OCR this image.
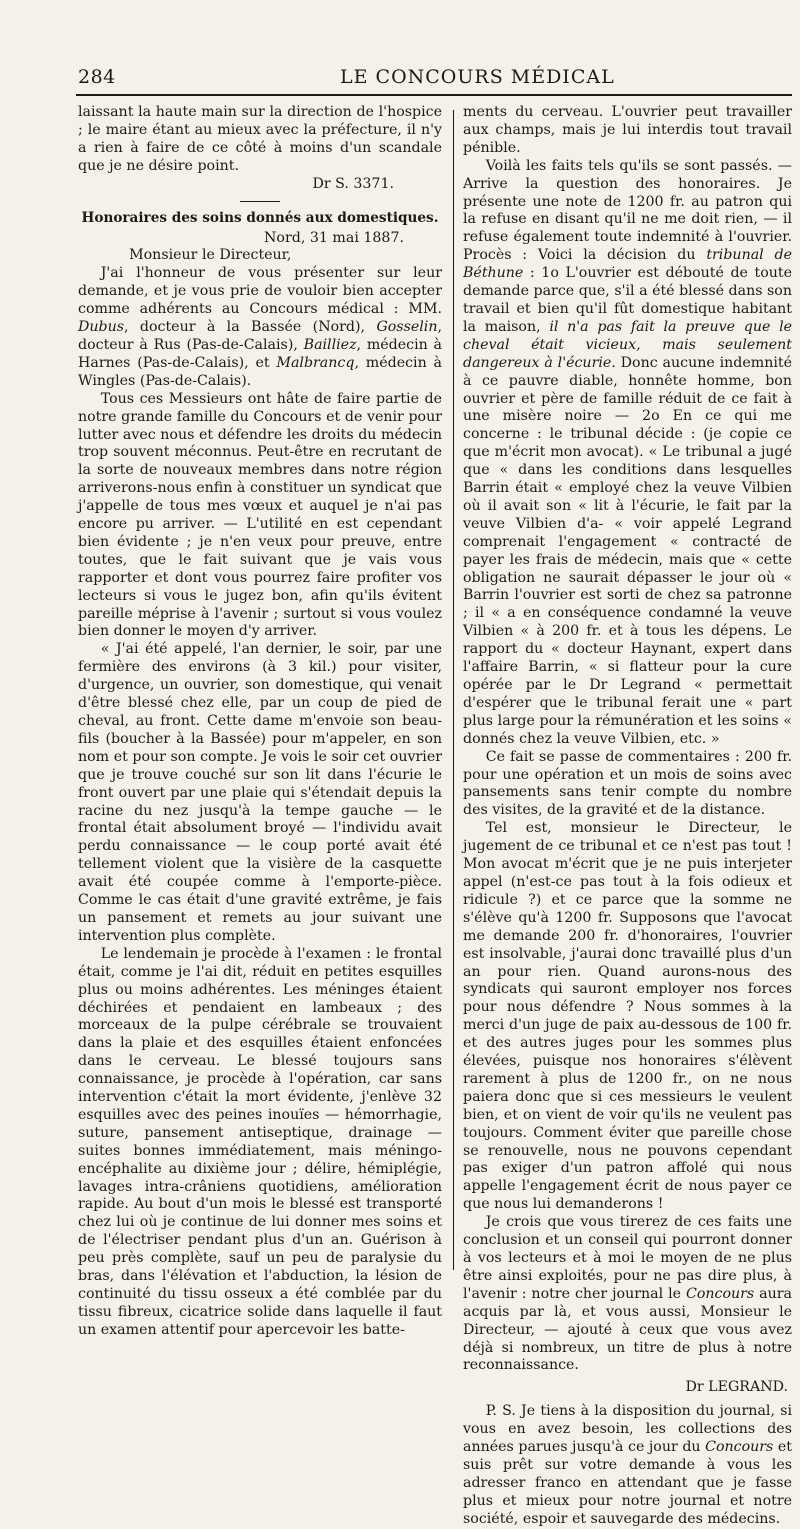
284	LE CONCOURS MÉDICAL

laissant la haute main sur la direction de l'hospice ; le maire étant au mieux avec la préfecture, il n'y a rien à faire de ce côté à moins d'un scandale que je ne désire point.

Dr S. 3371.

Honoraires des soins donnés aux domestiques.

Nord, 31 mai 1887.

Monsieur le Directeur,

J'ai l'honneur de vous présenter sur leur demande, et je vous prie de vouloir bien accepter comme adhérents au Concours médical : MM. Dubus, docteur à la Bassée (Nord), Gosselin, docteur à Rus (Pas-de-Calais), Bailliez, médecin à Harnes (Pas-de-Calais), et Malbrancq, médecin à Wingles (Pas-de-Calais).

Tous ces Messieurs ont hâte de faire partie de notre grande famille du Concours et de venir pour lutter avec nous et défendre les droits du médecin trop souvent méconnus. Peut-être en recrutant de la sorte de nouveaux membres dans notre région arriverons-nous enfin à constituer un syndicat que j'appelle de tous mes vœux et auquel je n'ai pas encore pu arriver. — L'utilité en est cependant bien évidente ; je n'en veux pour preuve, entre toutes, que le fait suivant que je vais vous rapporter et dont vous pourrez faire profiter vos lecteurs si vous le jugez bon, afin qu'ils évitent pareille méprise à l'avenir ; surtout si vous voulez bien donner le moyen d'y arriver.

« J'ai été appelé, l'an dernier, le soir, par une fermière des environs (à 3 kil.) pour visiter, d'urgence, un ouvrier, son domestique, qui venait d'être blessé chez elle, par un coup de pied de cheval, au front. Cette dame m'envoie son beau-fils (boucher à la Bassée) pour m'appeler, en son nom et pour son compte. Je vois le soir cet ouvrier que je trouve couché sur son lit dans l'écurie le front ouvert par une plaie qui s'étendait depuis la racine du nez jusqu'à la tempe gauche — le frontal était absolument broyé — l'individu avait perdu connaissance — le coup porté avait été tellement violent que la visière de la casquette avait été coupée comme à l'emporte-pièce. Comme le cas était d'une gravité extrême, je fais un pansement et remets au jour suivant une intervention plus complète.

Le lendemain je procède à l'examen : le frontal était, comme je l'ai dit, réduit en petites esquilles plus ou moins adhérentes. Les méninges étaient déchirées et pendaient en lambeaux ; des morceaux de la pulpe cérébrale se trouvaient dans la plaie et des esquilles étaient enfoncées dans le cerveau. Le blessé toujours sans connaissance, je procède à l'opération, car sans intervention c'était la mort évidente, j'enlève 32 esquilles avec des peines inouïes — hémorrhagie, suture, pansement antiseptique, drainage — suites bonnes immédiatement, mais méningo-encéphalite au dixième jour ; délire, hémiplégie, lavages intra-crâniens quotidiens, amélioration rapide. Au bout d'un mois le blessé est transporté chez lui où je continue de lui donner mes soins et de l'électriser pendant plus d'un an. Guérison à peu près complète, sauf un peu de paralysie du bras, dans l'élévation et l'abduction, la lésion de continuité du tissu osseux a été comblée par du tissu fibreux, cicatrice solide dans laquelle il faut un examen attentif pour apercevoir les batte-

ments du cerveau. L'ouvrier peut travailler aux champs, mais je lui interdis tout travail pénible.

Voilà les faits tels qu'ils se sont passés. — Arrive la question des honoraires. Je présente une note de 1200 fr. au patron qui la refuse en disant qu'il ne me doit rien, — il refuse également toute indemnité à l'ouvrier. Procès : Voici la décision du tribunal de Béthune : 1o L'ouvrier est débouté de toute demande parce que, s'il a été blessé dans son travail et bien qu'il fût domestique habitant la maison, il n'a pas fait la preuve que le cheval était vicieux, mais seulement dangereux à l'écurie. Donc aucune indemnité à ce pauvre diable, honnête homme, bon ouvrier et père de famille réduit de ce fait à une misère noire — 2o En ce qui me concerne : le tribunal décide : (je copie ce que m'écrit mon avocat). « Le tribunal a jugé que « dans les conditions dans lesquelles Barrin était « employé chez la veuve Vilbien où il avait son « lit à l'écurie, le fait par la veuve Vilbien d'a- « voir appelé Legrand comprenait l'engagement « contracté de payer les frais de médecin, mais que « cette obligation ne saurait dépasser le jour où « Barrin l'ouvrier est sorti de chez sa patronne ; il « a en conséquence condamné la veuve Vilbien « à 200 fr. et à tous les dépens. Le rapport du « docteur Haynant, expert dans l'affaire Barrin, « si flatteur pour la cure opérée par le Dr Legrand « permettait d'espérer que le tribunal ferait une « part plus large pour la rémunération et les soins « donnés chez la veuve Vilbien, etc. »

Ce fait se passe de commentaires : 200 fr. pour une opération et un mois de soins avec pansements sans tenir compte du nombre des visites, de la gravité et de la distance.

Tel est, monsieur le Directeur, le jugement de ce tribunal et ce n'est pas tout ! Mon avocat m'écrit que je ne puis interjeter appel (n'est-ce pas tout à la fois odieux et ridicule ?) et ce parce que la somme ne s'élève qu'à 1200 fr. Supposons que l'avocat me demande 200 fr. d'honoraires, l'ouvrier est insolvable, j'aurai donc travaillé plus d'un an pour rien. Quand aurons-nous des syndicats qui sauront employer nos forces pour nous défendre ? Nous sommes à la merci d'un juge de paix au-dessous de 100 fr. et des autres juges pour les sommes plus élevées, puisque nos honoraires s'élèvent rarement à plus de 1200 fr., on ne nous paiera donc que si ces messieurs le veulent bien, et on vient de voir qu'ils ne veulent pas toujours. Comment éviter que pareille chose se renouvelle, nous ne pouvons cependant pas exiger d'un patron affolé qui nous appelle l'engagement écrit de nous payer ce que nous lui demanderons !

Je crois que vous tirerez de ces faits une conclusion et un conseil qui pourront donner à vos lecteurs et à moi le moyen de ne plus être ainsi exploités, pour ne pas dire plus, à l'avenir : notre cher journal le Concours aura acquis par là, et vous aussi, Monsieur le Directeur, — ajouté à ceux que vous avez déjà si nombreux, un titre de plus à notre reconnaissance.

Dr LEGRAND.

P. S. Je tiens à la disposition du journal, si vous en avez besoin, les collections des années parues jusqu'à ce jour du Concours et suis prêt sur votre demande à vous les adresser franco en attendant que je fasse plus et mieux pour notre journal et notre société, espoir et sauvegarde des médecins.
